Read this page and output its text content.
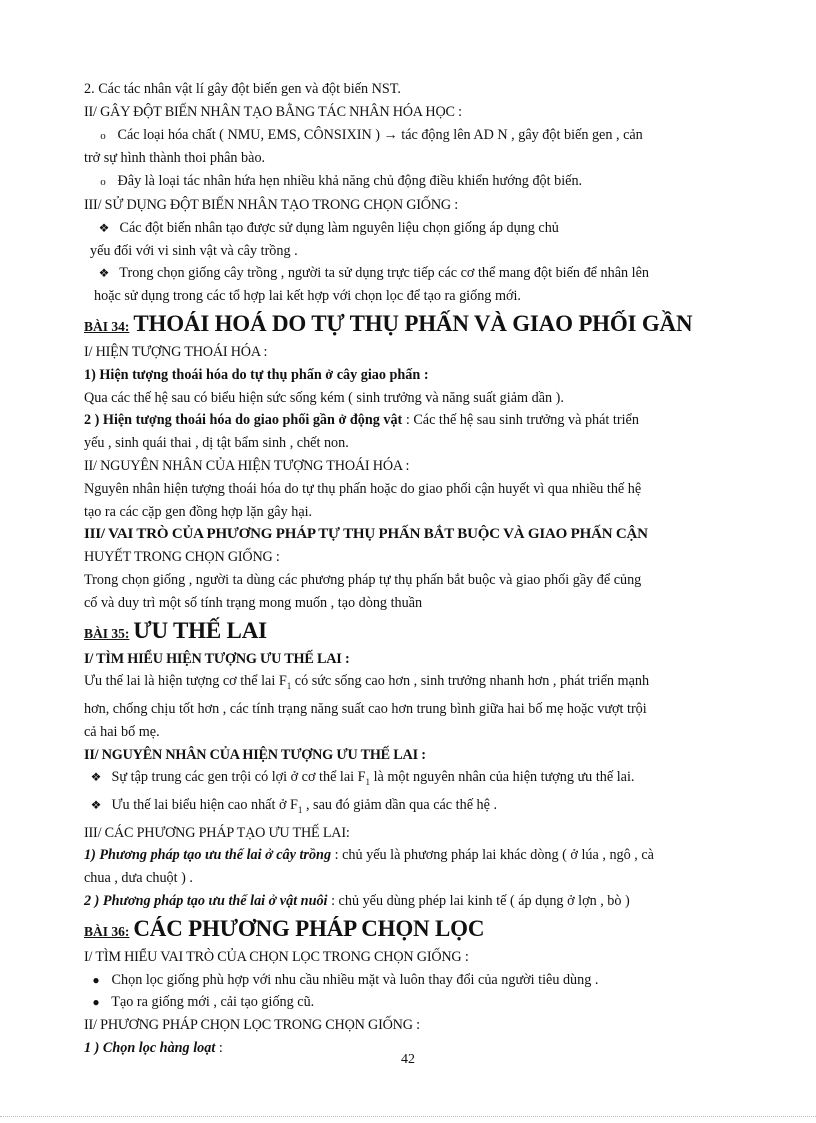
2. Các tác nhân vật lí gây đột biến gen và đột biến NST.

II/ GÂY ĐỘT BIẾN NHÂN TẠO BẰNG TÁC NHÂN HÓA HỌC :

o Các loại hóa chất ( NMU, EMS, CÔNSIXIN ) → tác động lên AD N , gây đột biến gen , cản

trở sự hình thành thoi phân bào.

o Đây là loại tác nhân hứa hẹn nhiều khả năng chủ động điều khiển hướng đột biến.

III/ SỬ DỤNG ĐỘT BIẾN NHÂN TẠO TRONG CHỌN GIỐNG :

❖ Các đột biến nhân tạo được sử dụng làm nguyên liệu chọn giống áp dụng chủ

yếu đối với vi sinh vật và cây trồng .

❖ Trong chọn giống cây trồng , người ta sử dụng trực tiếp các cơ thể mang đột biến để nhân lên

hoặc sử dụng trong các tổ hợp lai kết hợp với chọn lọc để tạo ra giống mới.

BÀI 34: THOÁI HOÁ DO TỰ THỤ PHẤN VÀ GIAO PHỐI GẦN

I/ HIỆN TƯỢNG THOÁI HÓA :

1) Hiện tượng thoái hóa do tự thụ phấn ở cây giao phấn :

Qua các thế hệ sau có biểu hiện sức sống kém ( sinh trưởng và năng suất giảm dần ).

2 ) Hiện tượng thoái hóa do giao phối gần ở động vật : Các thế hệ sau sinh trưởng và phát triển

yếu , sinh quái thai , dị tật bẩm sinh , chết non.

II/ NGUYÊN NHÂN CỦA HIỆN TƯỢNG THOÁI HÓA :

Nguyên nhân hiện tượng thoái hóa do tự thụ phấn hoặc do giao phối cận huyết vì qua nhiều thế hệ

tạo ra các cặp gen đồng hợp lặn gây hại.

III/ VAI TRÒ CỦA PHƯƠNG PHÁP TỰ THỤ PHẤN BẮT BUỘC VÀ GIAO PHẤN CẬN

HUYẾT TRONG CHỌN GIỐNG :

Trong chọn giống , người ta dùng các phương pháp tự thụ phấn bắt buộc và giao phối gầy để củng

cố và duy trì một số tính trạng mong muốn , tạo dòng thuần

BÀI 35: ƯU THẾ LAI

I/ TÌM HIỂU HIỆN TƯỢNG ƯU THẾ LAI :

Ưu thế lai là hiện tượng cơ thể lai $F_1$ có sức sống cao hơn , sinh trưởng nhanh hơn , phát triển mạnh

hơn, chống chịu tốt hơn , các tính trạng năng suất cao hơn trung bình giữa hai bố mẹ hoặc vượt trội

cả hai bố mẹ.

II/ NGUYÊN NHÂN CỦA HIỆN TƯỢNG ƯU THẾ LAI :

❖ Sự tập trung các gen trội có lợi ở cơ thể lai $F_1$ là một nguyên nhân của hiện tượng ưu thế lai.

❖ Ưu thế lai biểu hiện cao nhất ở $F_1$ , sau đó giảm dần qua các thế hệ .

III/ CÁC PHƯƠNG PHÁP TẠO ƯU THẾ LAI:

1) Phương pháp tạo ưu thế lai ở cây trồng : chủ yếu là phương pháp lai khác dòng ( ở lúa , ngô , cà

chua , dưa chuột ) .

2 ) Phương pháp tạo ưu thế lai ở vật nuôi : chủ yếu dùng phép lai kinh tế ( áp dụng ở lợn , bò )

BÀI 36: CÁC PHƯƠNG PHÁP CHỌN LỌC

I/ TÌM HIỂU VAI TRÒ CỦA CHỌN LỌC TRONG CHỌN GIỐNG :

● Chọn lọc giống phù hợp với nhu cầu nhiều mặt và luôn thay đổi của người tiêu dùng .

● Tạo ra giống mới , cải tạo giống cũ.

II/ PHƯƠNG PHÁP CHỌN LỌC TRONG CHỌN GIỐNG :

1 ) Chọn lọc hàng loạt :

42
